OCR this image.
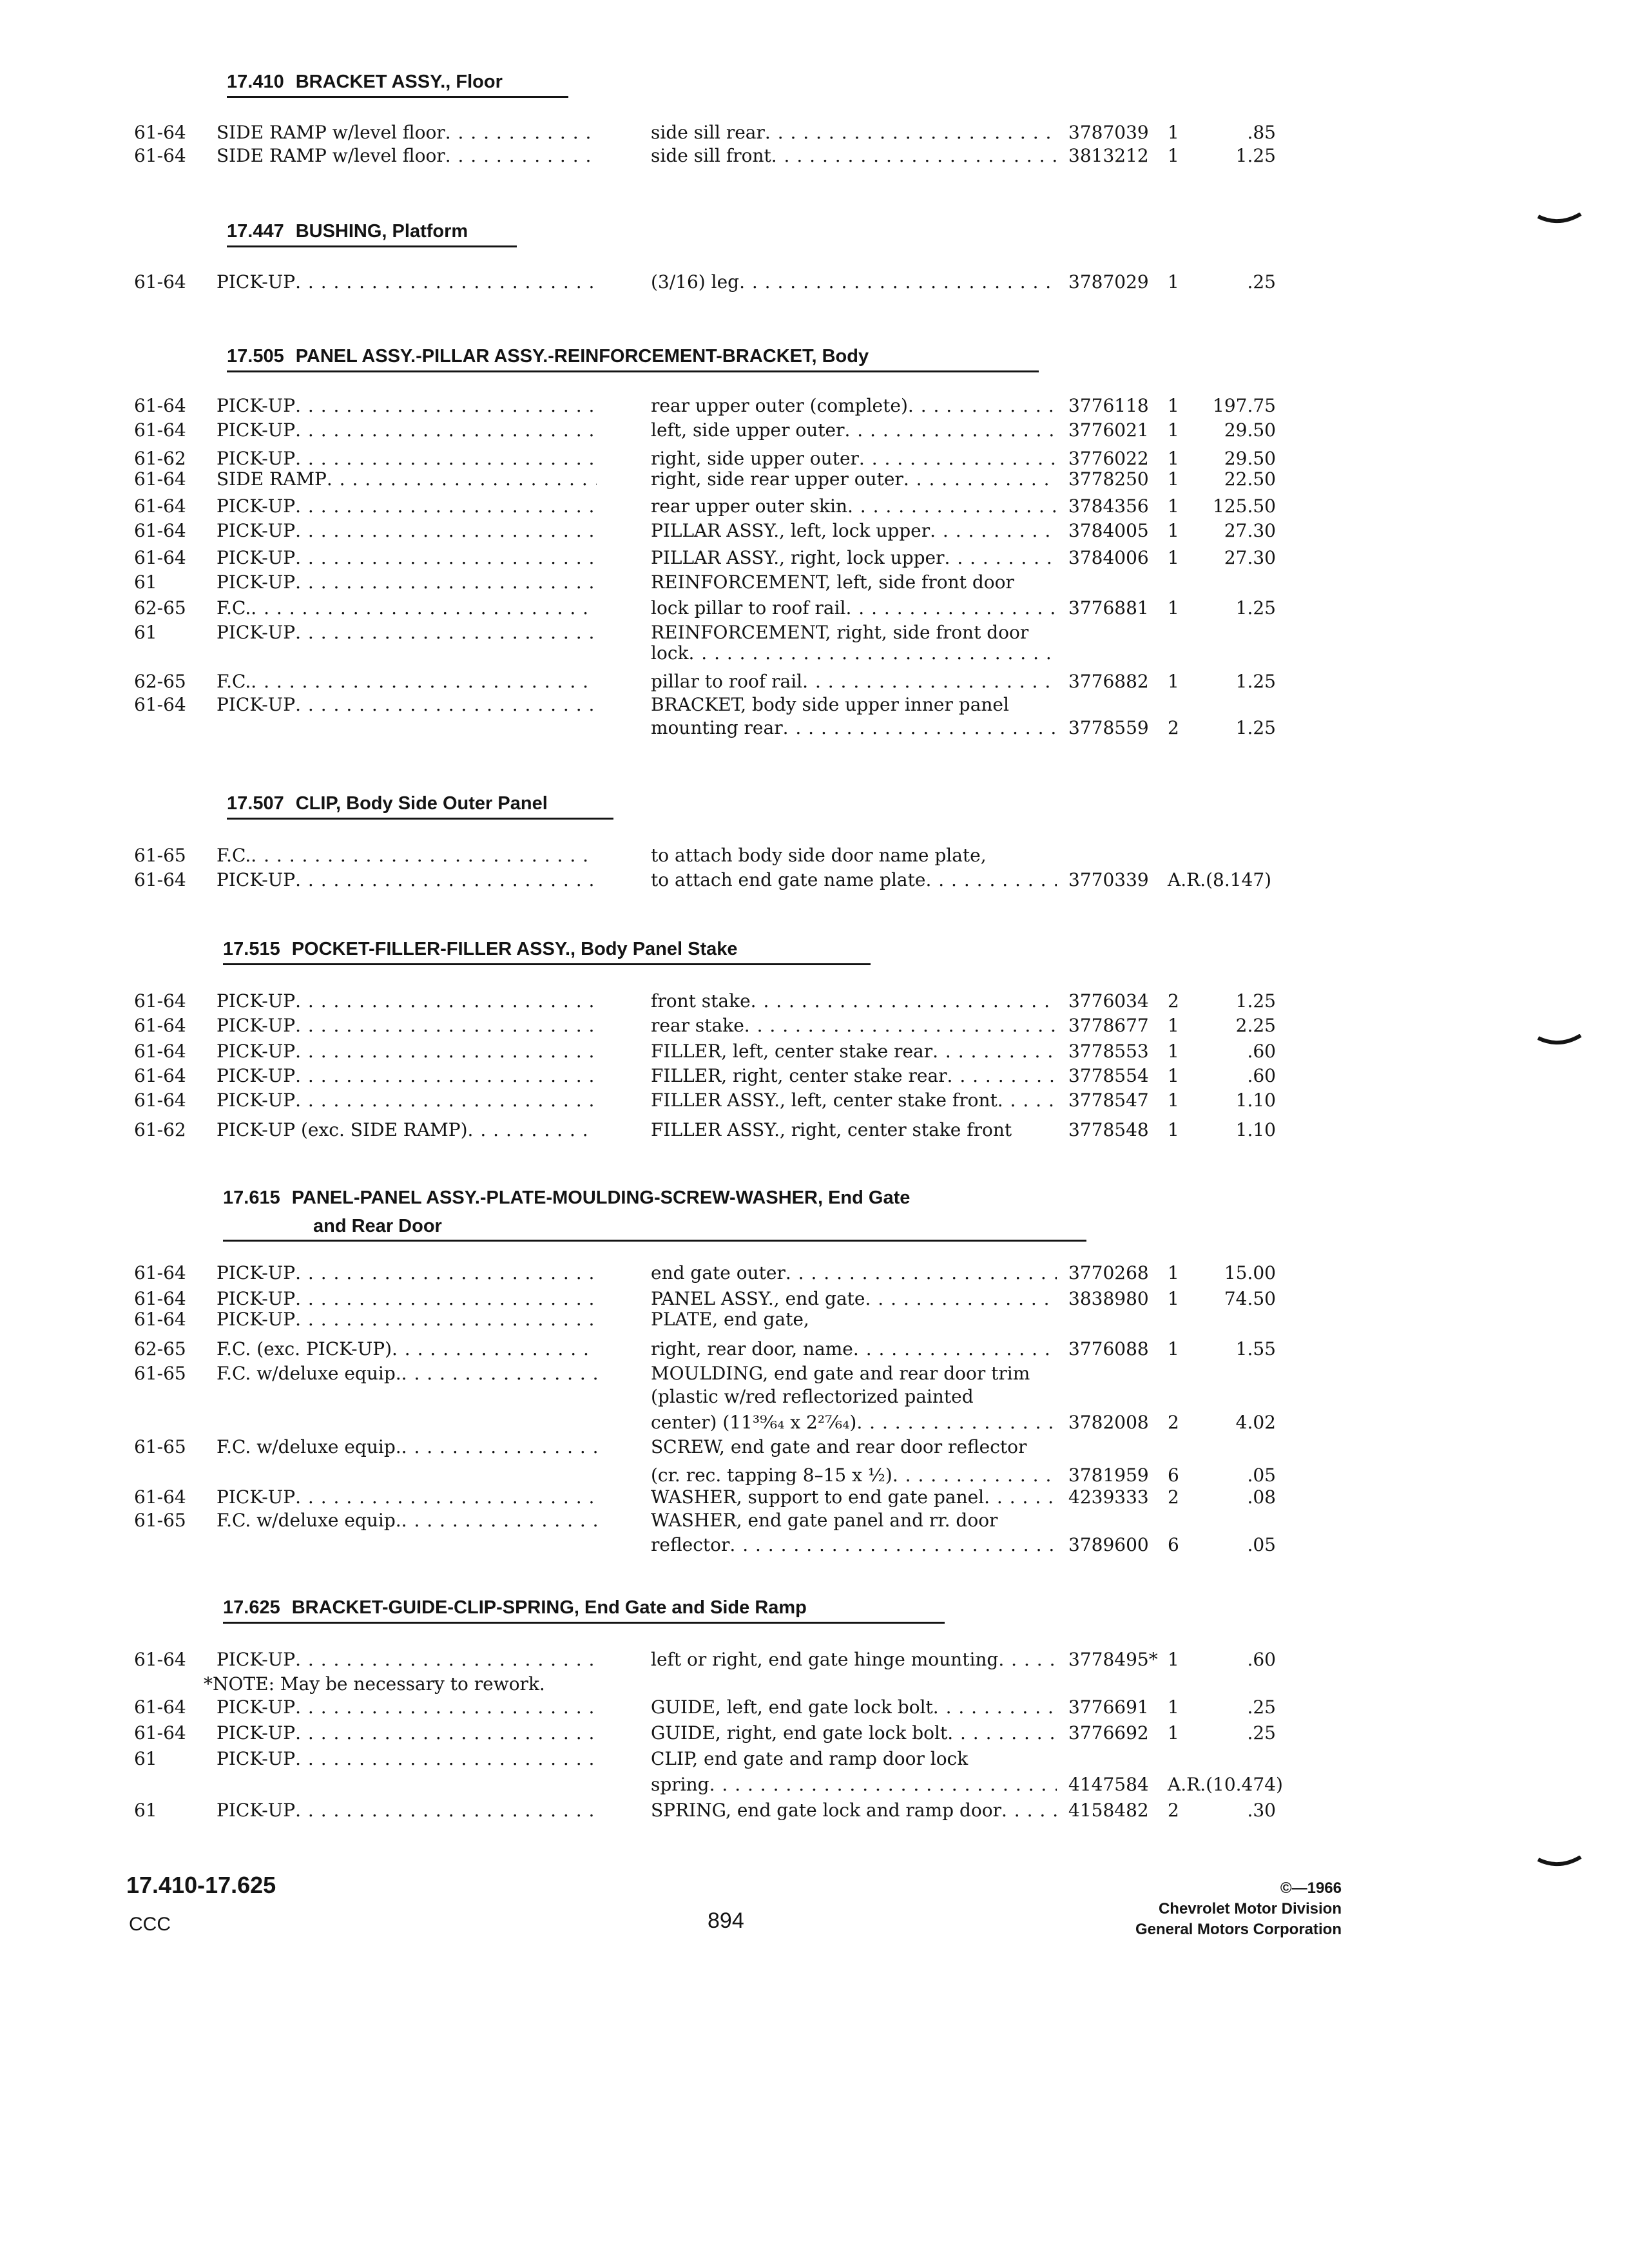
17.410 BRACKET ASSY., Floor
61-64	SIDE RAMP w/level floor . . .	side sill rear . . .	3787039	1	.85
61-64	SIDE RAMP w/level floor . . .	side sill front . . .	3813212	1	1.25
17.447 BUSHING, Platform
61-64	PICK-UP . . .	(3/16) leg . . .	3787029	1	.25
17.505 PANEL ASSY.-PILLAR ASSY.-REINFORCEMENT-BRACKET, Body
61-64	PICK-UP . . .	rear upper outer (complete) . . .	3776118	1	197.75
61-64	PICK-UP . . .	left, side upper outer . . .	3776021	1	29.50
61-62	PICK-UP . . .	right, side upper outer . . .	3776022	1	29.50
61-64	SIDE RAMP . . .	right, side rear upper outer . . .	3778250	1	22.50
61-64	PICK-UP . . .	rear upper outer skin . . .	3784356	1	125.50
61-64	PICK-UP . . .	PILLAR ASSY., left, lock upper . . .	3784005	1	27.30
61-64	PICK-UP . . .	PILLAR ASSY., right, lock upper . . .	3784006	1	27.30
61	PICK-UP . . .	REINFORCEMENT, left, side front door
62-65	F.C. . . .	lock pillar to roof rail . . .	3776881	1	1.25
61	PICK-UP . . .	REINFORCEMENT, right, side front door
lock
. . .
62-65	F.C. . . .	pillar to roof rail . . .	3776882	1	1.25
61-64	PICK-UP . . .	BRACKET, body side upper inner panel
mounting rear . . .	3778559	2	1.25
17.507 CLIP, Body Side Outer Panel
61-65	F.C. . . .	to attach body side door name plate,
61-64	PICK-UP . . .	to attach end gate name plate . . .	3770339	A.R.(8.147)
17.515 POCKET-FILLER-FILLER ASSY., Body Panel Stake
61-64	PICK-UP . . .	front stake . . .	3776034	2	1.25
61-64	PICK-UP . . .	rear stake . . .	3778677	1	2.25
61-64	PICK-UP . . .	FILLER, left, center stake rear . . .	3778553	1	.60
61-64	PICK-UP . . .	FILLER, right, center stake rear . . .	3778554	1	.60
61-64	PICK-UP . . .	FILLER ASSY., left, center stake front . . .	3778547	1	1.10
61-62	PICK-UP (exc. SIDE RAMP) . . .	FILLER ASSY., right, center stake front	3778548	1	1.10
17.615 PANEL-PANEL ASSY.-PLATE-MOULDING-SCREW-WASHER, End Gate
and Rear Door
61-64	PICK-UP . . .	end gate outer . . .	3770268	1	15.00
61-64	PICK-UP . . .	PANEL ASSY., end gate . . .	3838980	1	74.50
61-64	PICK-UP . . .	PLATE, end gate,
62-65	F.C. (exc. PICK-UP) . . .	right, rear door, name . . .	3776088	1	1.55
61-65	F.C. w/deluxe equip. . . .	MOULDING, end gate and rear door trim
(plastic w/red reflectorized painted
center) (11³⁹⁄₆₄ x 2²⁷⁄₆₄) . . .	3782008	2	4.02
61-65	F.C. w/deluxe equip. . . .	SCREW, end gate and rear door reflector
(cr. rec. tapping 8–15 x ½) . . .	3781959	6	.05
61-64	PICK-UP . . .	WASHER, support to end gate panel . . .	4239333	2	.08
61-65	F.C. w/deluxe equip. . . .	WASHER, end gate panel and rr. door
reflector . . .	3789600	6	.05
17.625 BRACKET-GUIDE-CLIP-SPRING, End Gate and Side Ramp
61-64	PICK-UP . . .	left or right, end gate hinge mounting . . .	3778495* 1	.60
*NOTE: May be necessary to rework.
61-64	PICK-UP . . .	GUIDE, left, end gate lock bolt . . .	3776691	1	.25
61-64	PICK-UP . . .	GUIDE, right, end gate lock bolt . . .	3776692	1	.25
61	PICK-UP . . .	CLIP, end gate and ramp door lock
spring . . .	4147584	A.R.(10.474)
61	PICK-UP . . .	SPRING, end gate lock and ramp door . . .	4158482	2	.30
17.410-17.625
CCC	894
©—1966
Chevrolet Motor Division
General Motors Corporation
